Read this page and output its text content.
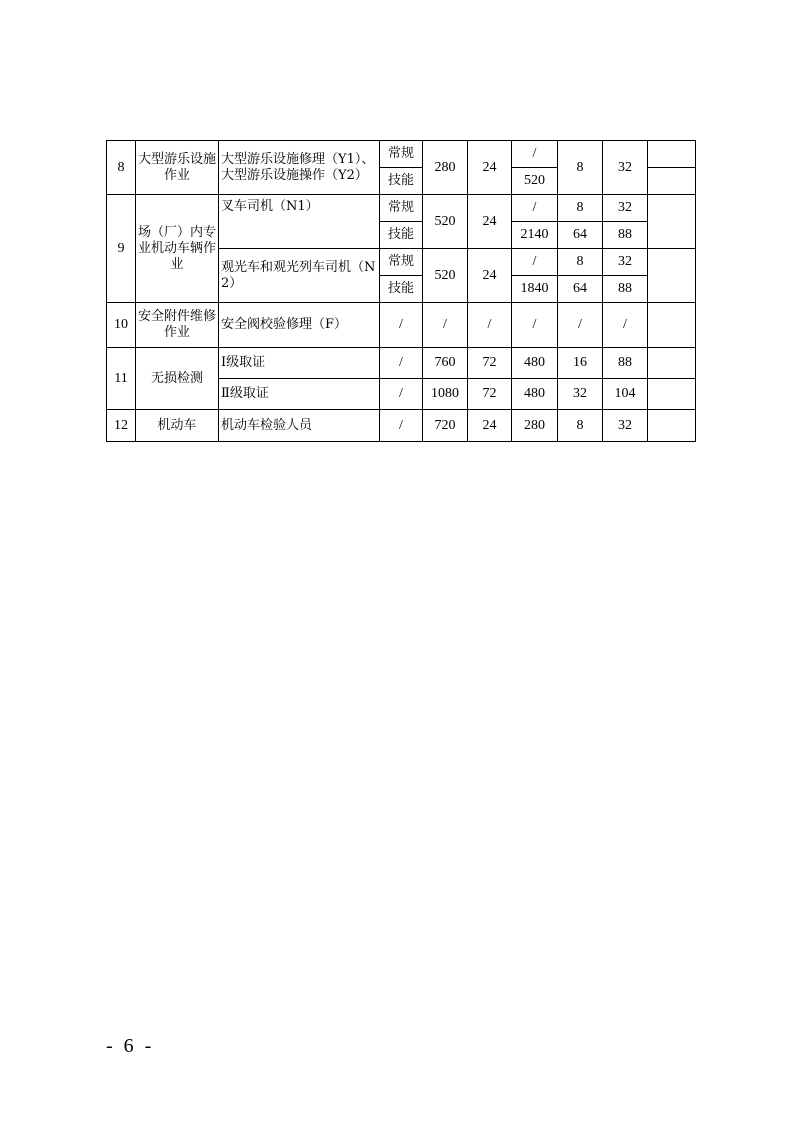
8	大型游乐设施作业	大型游乐设施修理（Y1）、大型游乐设施操作（Y2）	常规	280	24	/	8	32	
			技能			520			
9	场（厂）内专业机动车辆作业	叉车司机（N1）	常规	520	24	/	8	32	
			技能			2140	64	88	
		观光车和观光列车司机（N2）	常规	520	24	/	8	32	
			技能			1840	64	88	
10	安全附件维修作业	安全阀校验修理（F）	/	/	/	/	/	/	
11	无损检测	Ⅰ级取证	/	760	72	480	16	88	
		Ⅱ级取证	/	1080	72	480	32	104	
12	机动车	机动车检验人员	/	720	24	280	8	32	
- 6 -
